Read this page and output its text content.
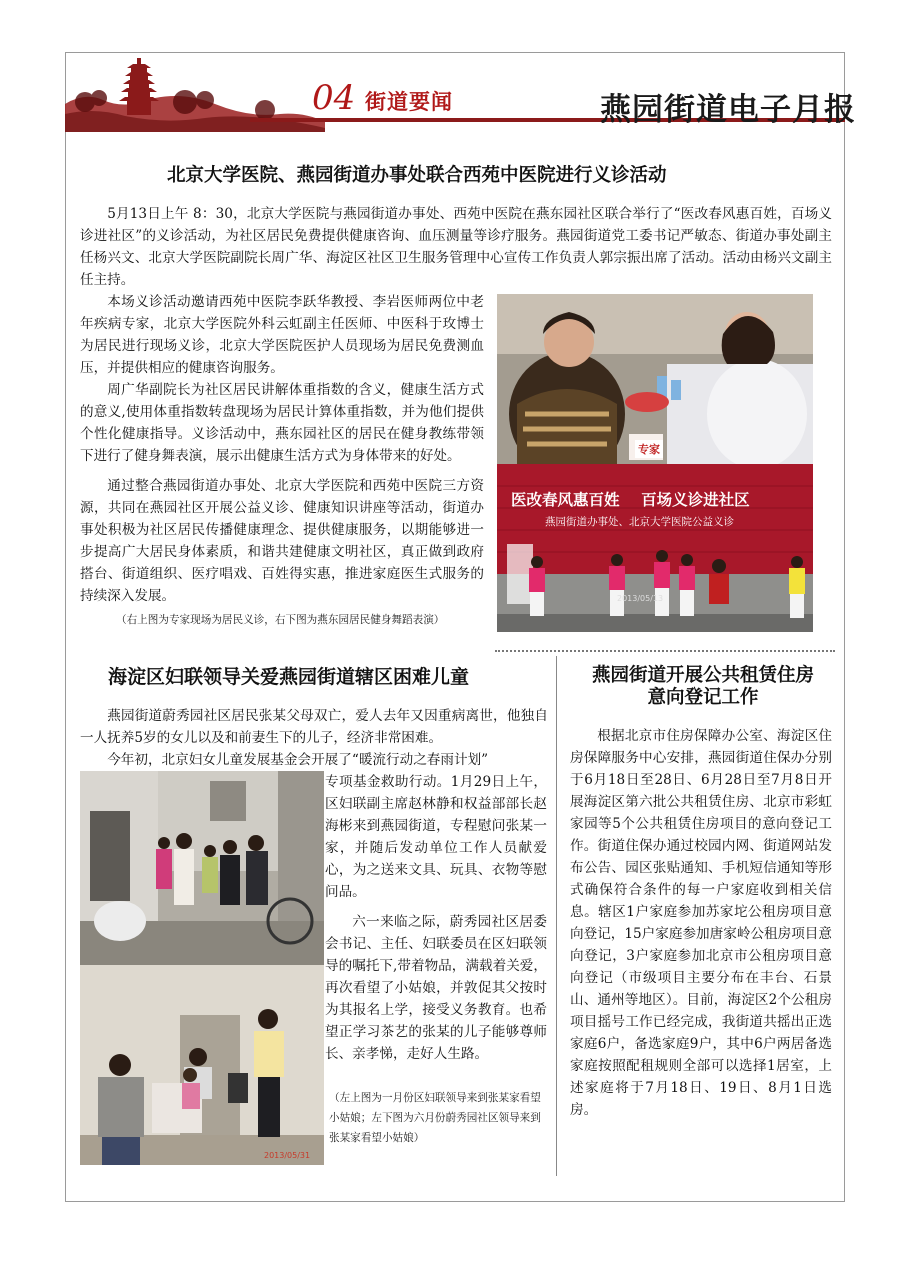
04 街道要闻	燕园街道电子月报
北京大学医院、燕园街道办事处联合西苑中医院进行义诊活动

5月13日上午 8：30，北京大学医院与燕园街道办事处、西苑中医院在燕东园社区联合举行了“医改春风惠百姓，百场义诊进社区”的义诊活动，为社区居民免费提供健康咨询、血压测量等诊疗服务。燕园街道党工委书记严敏态、街道办事处副主任杨兴文、北京大学医院副院长周广华、海淀区社区卫生服务管理中心宣传工作负责人郭宗振出席了活动。活动由杨兴文副主任主持。

本场义诊活动邀请西苑中医院李跃华教授、李岩医师两位中老年疾病专家，北京大学医院外科云虹副主任医师、中医科于玫博士为居民进行现场义诊，北京大学医院医护人员现场为居民免费测血压，并提供相应的健康咨询服务。

周广华副院长为社区居民讲解体重指数的含义，健康生活方式的意义,使用体重指数转盘现场为居民计算体重指数，并为他们提供个性化健康指导。义诊活动中，燕东园社区的居民在健身教练带领下进行了健身舞表演，展示出健康生活方式为身体带来的好处。

通过整合燕园街道办事处、北京大学医院和西苑中医院三方资源，共同在燕园社区开展公益义诊、健康知识讲座等活动，街道办事处积极为社区居民传播健康理念、提供健康服务，以期能够进一步提高广大居民身体素质，和谐共建健康文明社区，真正做到政府搭台、街道组织、医疗唱戏、百姓得实惠，推进家庭医生式服务的持续深入发展。

（右上图为专家现场为居民义诊，右下图为燕东园居民健身舞蹈表演）
专家
医改春风惠百姓    百场义诊进社区
燕园街道办事处、北京大学医院公益义诊
2013/05/13
海淀区妇联领导关爱燕园街道辖区困难儿童

燕园街道蔚秀园社区居民张某父母双亡，爱人去年又因重病离世，他独自一人抚养5岁的女儿以及和前妻生下的儿子，经济非常困难。

今年初，北京妇女儿童发展基金会开展了“暖流行动之春雨计划”

专项基金救助行动。1月29日上午，区妇联副主席赵林静和权益部部长赵海彬来到燕园街道，专程慰问张某一家，并随后发动单位工作人员献爱心，为之送来文具、玩具、衣物等慰问品。

六一来临之际，蔚秀园社区居委会书记、主任、妇联委员在区妇联领导的嘱托下,带着物品，满载着关爱，再次看望了小姑娘，并敦促其父按时为其报名上学，接受义务教育。也希望正学习茶艺的张某的儿子能够尊师长、亲孝悌，走好人生路。

（左上图为一月份区妇联领导来到张某家看望小姑娘；左下图为六月份蔚秀园社区领导来到张某家看望小姑娘）
2013/05/31
燕园街道开展公共租赁住房
意向登记工作

根据北京市住房保障办公室、海淀区住房保障服务中心安排，燕园街道住保办分别于6月18日至28日、6月28日至7月8日开展海淀区第六批公共租赁住房、北京市彩虹家园等5个公共租赁住房项目的意向登记工作。街道住保办通过校园内网、街道网站发布公告、园区张贴通知、手机短信通知等形式确保符合条件的每一户家庭收到相关信息。辖区1户家庭参加苏家坨公租房项目意向登记，15户家庭参加唐家岭公租房项目意向登记，3户家庭参加北京市公租房项目意向登记（市级项目主要分布在丰台、石景山、通州等地区）。目前，海淀区2个公租房项目摇号工作已经完成，我街道共摇出正选家庭6户，备选家庭9户，其中6户两居备选家庭按照配租规则全部可以选择1居室，上述家庭将于7月18日、19日、8月1日选房。
